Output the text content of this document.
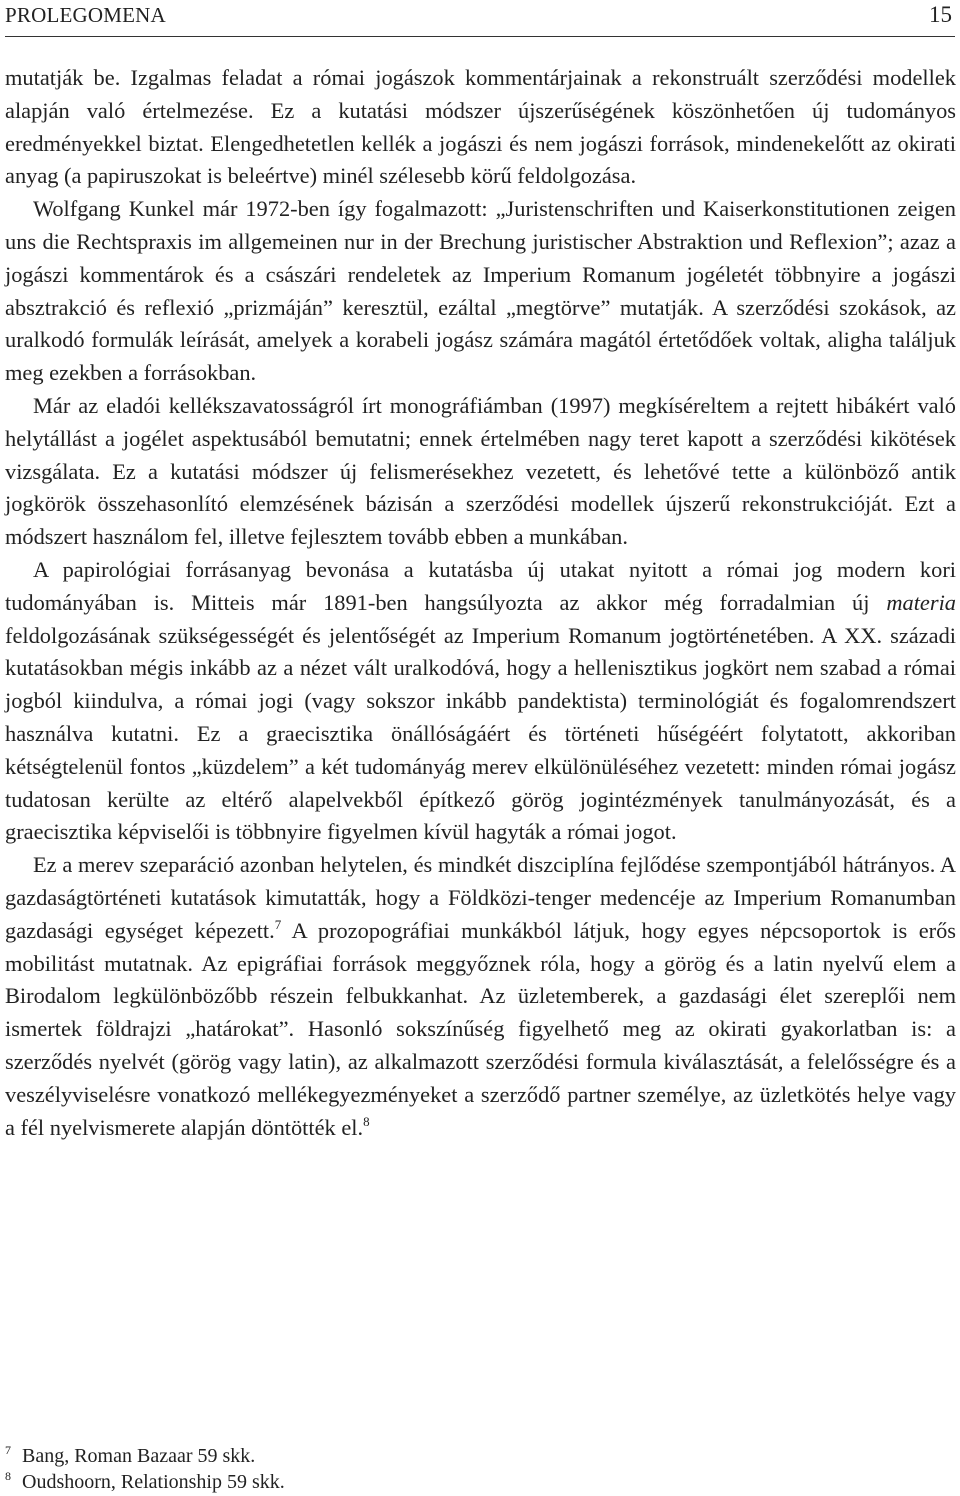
PROLEGOMENA	15

mutatják be. Izgalmas feladat a római jogászok kommentárjainak a rekonstruált szerződési modellek alapján való értelmezése. Ez a kutatási módszer újszerűségének köszönhetően új tudományos eredményekkel biztat. Elengedhetetlen kellék a jogászi és nem jogászi források, mindenekelőtt az okirati anyag (a papiruszokat is beleértve) minél szélesebb körű feldolgozása.

Wolfgang Kunkel már 1972-ben így fogalmazott: „Juristenschriften und Kaiserkonstitutionen zeigen uns die Rechtspraxis im allgemeinen nur in der Brechung juristischer Abstraktion und Reflexion”; azaz a jogászi kommentárok és a császári rendeletek az Imperium Romanum jogéletét többnyire a jogászi absztrakció és reflexió „prizmáján” keresztül, ezáltal „megtörve” mutatják. A szerződési szokások, az uralkodó formulák leírását, amelyek a korabeli jogász számára magától értetődőek voltak, aligha találjuk meg ezekben a forrásokban.

Már az eladói kellékszavatosságról írt monográfiámban (1997) megkíséreltem a rejtett hibákért való helytállást a jogélet aspektusából bemutatni; ennek értelmében nagy teret kapott a szerződési kikötések vizsgálata. Ez a kutatási módszer új felismerésekhez vezetett, és lehetővé tette a különböző antik jogkörök összehasonlító elemzésének bázisán a szerződési modellek újszerű rekonstrukcióját. Ezt a módszert használom fel, illetve fejlesztem tovább ebben a munkában.

A papirológiai forrásanyag bevonása a kutatásba új utakat nyitott a római jog modern kori tudományában is. Mitteis már 1891-ben hangsúlyozta az akkor még forradalmian új materia feldolgozásának szükségességét és jelentőségét az Imperium Romanum jogtörténetében. A XX. századi kutatásokban mégis inkább az a nézet vált uralkodóvá, hogy a hellenisztikus jogkört nem szabad a római jogból kiindulva, a római jogi (vagy sokszor inkább pandektista) terminológiát és fogalomrendszert használva kutatni. Ez a graecisztika önállóságáért és történeti hűségéért folytatott, akkoriban kétségtelenül fontos „küzdelem” a két tudományág merev elkülönüléséhez vezetett: minden római jogász tudatosan kerülte az eltérő alapelvekből építkező görög jogintézmények tanulmányozását, és a graecisztika képviselői is többnyire figyelmen kívül hagyták a római jogot.

Ez a merev szeparáció azonban helytelen, és mindkét diszciplína fejlődése szempontjából hátrányos. A gazdaságtörténeti kutatások kimutatták, hogy a Földközi-tenger medencéje az Imperium Romanumban gazdasági egységet képezett.$^7$ A prozopográfiai munkákból látjuk, hogy egyes népcsoportok is erős mobilitást mutatnak. Az epigráfiai források meggyőznek róla, hogy a görög és a latin nyelvű elem a Birodalom legkülönbözőbb részein felbukkanhat. Az üzletemberek, a gazdasági élet szereplői nem ismertek földrajzi „határokat”. Hasonló sokszínűség figyelhető meg az okirati gyakorlatban is: a szerződés nyelvét (görög vagy latin), az alkalmazott szerződési formula kiválasztását, a felelősségre és a veszélyviselésre vonatkozó mellékegyezményeket a szerződő partner személye, az üzletkötés helye vagy a fél nyelvismerete alapján döntötték el.$^8$

7 Bang, Roman Bazaar 59 skk.
8 Oudshoorn, Relationship 59 skk.
